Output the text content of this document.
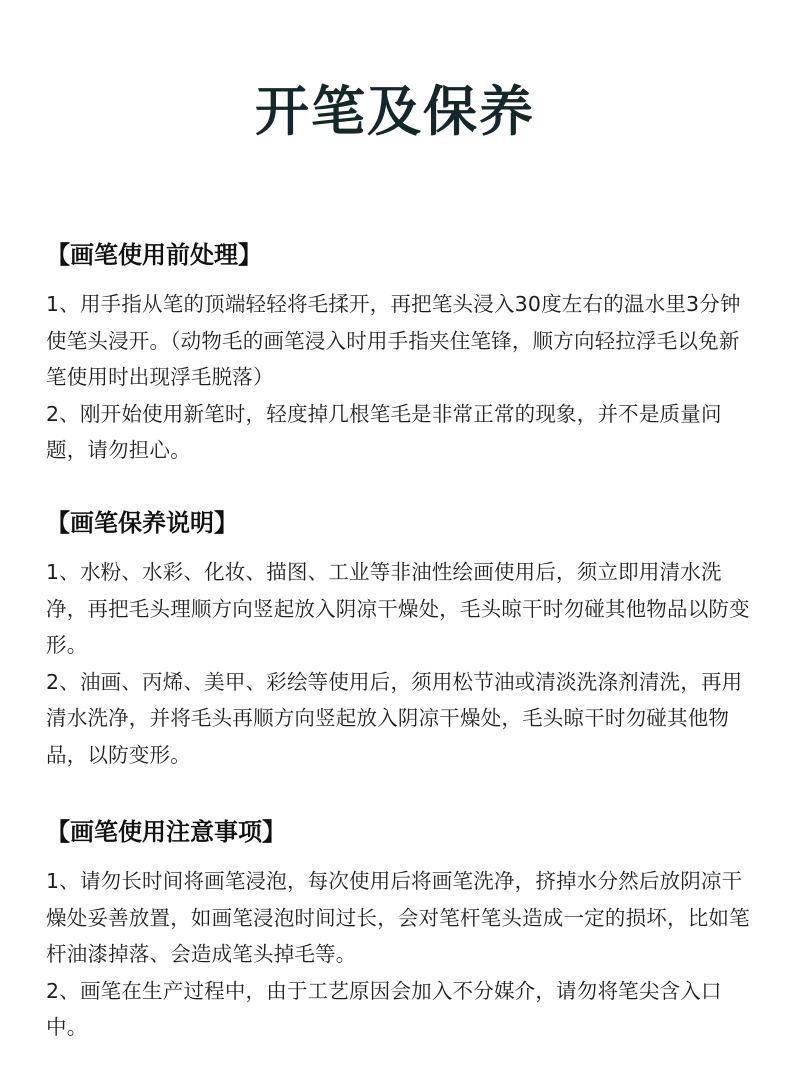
开笔及保养
【画笔使用前处理】

1、用手指从笔的顶端轻轻将毛揉开，再把笔头浸入30度左右的温水里3分钟使笔头浸开。（动物毛的画笔浸入时用手指夹住笔锋，顺方向轻拉浮毛以免新笔使用时出现浮毛脱落）

2、刚开始使用新笔时，轻度掉几根笔毛是非常正常的现象，并不是质量问题，请勿担心。

【画笔保养说明】

1、水粉、水彩、化妆、描图、工业等非油性绘画使用后，须立即用清水洗净，再把毛头理顺方向竖起放入阴凉干燥处，毛头晾干时勿碰其他物品以防变形。

2、油画、丙烯、美甲、彩绘等使用后，须用松节油或清淡洗涤剂清洗，再用清水洗净，并将毛头再顺方向竖起放入阴凉干燥处，毛头晾干时勿碰其他物品，以防变形。

【画笔使用注意事项】

1、请勿长时间将画笔浸泡，每次使用后将画笔洗净，挤掉水分然后放阴凉干燥处妥善放置，如画笔浸泡时间过长，会对笔杆笔头造成一定的损坏，比如笔杆油漆掉落、会造成笔头掉毛等。

2、画笔在生产过程中，由于工艺原因会加入不分媒介，请勿将笔尖含入口中。
